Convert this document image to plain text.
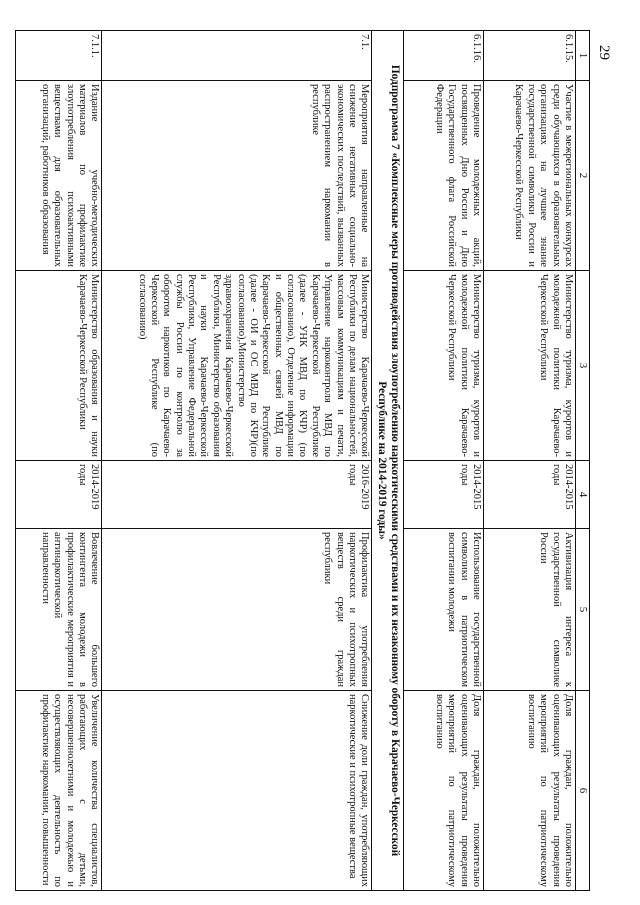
29
1	2	3	4	5	6
6.1.15.	Участие в межрегиональных конкурсах среди обучающихся в образовательных организациях на лучшее знание государственной символики России и Карачаево-Черкесской Республики	Министерство туризма, курортов и молодежной политики Карачаево-Черкесской Республики	2014-2015 годы	Активизация интереса к государственной символике России	Доля граждан, положительно оценивающих результаты проведения мероприятий по патриотическому воспитанию
6.1.16.	Проведение молодежных акций, посвященных Дню России и Дню Государственного флага Российской Федерации	Министерство туризма, курортов и молодежной политики Карачаево-Черкесской Республики	2014-2015 годы	Использование государственной символики в патриотическом воспитании молодежи	Доля граждан, положительно оценивающих результаты проведения мероприятий по патриотическому воспитанию
Подпрограмма 7 «Комплексные меры противодействия злоупотреблению наркотическими средствами и их незаконному обороту в Карачаево-Черкесской Республике на 2014-2019 годы»					
7.1.	Мероприятия направленные на снижение негативных социально-экономических последствий, вызванных распространением наркомании в республике	Министерство Карачаево-Черкесской Республики по делам национальностей, массовым коммуникациям и печати, Управление наркоконтроля МВД по Карачаево-Черкесской Республике (далее - УНК МВД по КЧР) (по согласованию), Отделение информации и общественных связей МВД по Карачаево-Черкесской Республике (далее - ОИ и ОС МВД по КЧР)(по согласованию),Министерство здравоохранения Карачаево-Черкесской Республики, Министерство образования и науки Карачаево-Черкесской Республики, Управление Федеральной службы России по контролю за оборотом наркотиков по Карачаево-Черкесской Республике (по согласованию)	2016-2019 годы	Профилактика употребления наркотических и психотропных веществ среди граждан республики	Снижение доли граждан, употребляющих наркотические и психотропные вещества
7.1.1.	Издание учебно-методических материалов по профилактике злоупотребления психоактивными веществами для образовательных организаций, работников образования	Министерство образования и науки Карачаево-Черкесской Республики	2014-2019 годы	Вовлечение большего контингента молодежи в профилактические мероприятия и антинаркотической направленности	Увеличение количества специалистов, работающих с детьми, несовершеннолетними и молодежью и осуществляющих деятельность по профилактике наркомании, повышенности
